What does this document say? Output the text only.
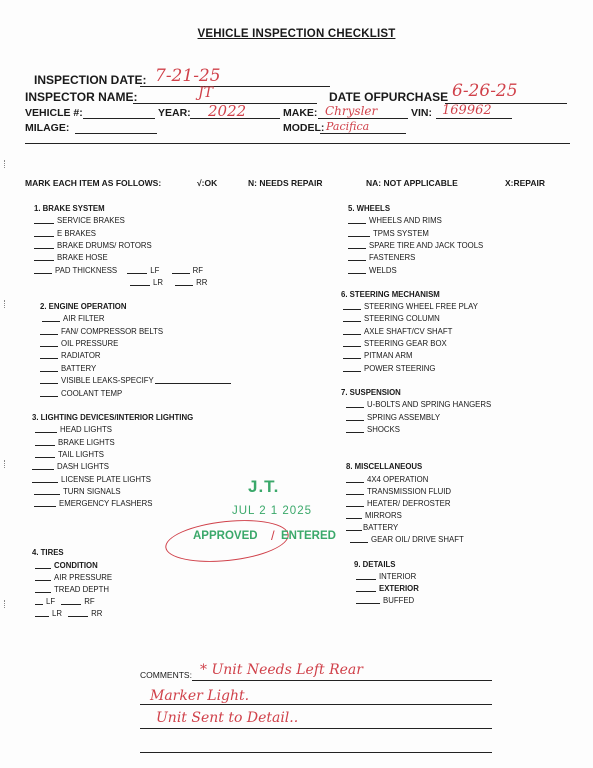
VEHICLE INSPECTION CHECKLIST
INSPECTION DATE: 7-21-25
INSPECTOR NAME:	JT	DATE OFPURCHASE 6-26-25
VEHICLE #:	YEAR: 2022	MAKE: Chrysler	VIN: 169962
MILAGE:	MODEL: Pacifica
MARK EACH ITEM AS FOLLOWS:	√:OK	N: NEEDS REPAIR	NA: NOT APPLICABLE	X:REPAIR
1. BRAKE SYSTEM
SERVICE BRAKES
E BRAKES
BRAKE DRUMS/ ROTORS
BRAKE HOSE
PAD THICKNESS	LF	RF
LR	RR
2. ENGINE OPERATION
AIR FILTER
FAN/ COMPRESSOR BELTS
OIL PRESSURE
RADIATOR
BATTERY
VISIBLE LEAKS-SPECIFY
COOLANT TEMP
3. LIGHTING DEVICES/INTERIOR LIGHTING
HEAD LIGHTS
BRAKE LIGHTS
TAIL LIGHTS
DASH LIGHTS
LICENSE PLATE LIGHTS
TURN SIGNALS
EMERGENCY FLASHERS
4. TIRES
CONDITION
AIR PRESSURE
TREAD DEPTH
LF	RF
LR	RR
5. WHEELS
WHEELS AND RIMS
TPMS SYSTEM
SPARE TIRE AND JACK TOOLS
FASTENERS
WELDS
6. STEERING MECHANISM
STEERING WHEEL FREE PLAY
STEERING COLUMN
AXLE SHAFT/CV SHAFT
STEERING GEAR BOX
PITMAN ARM
POWER STEERING
7. SUSPENSION
U-BOLTS AND SPRING HANGERS
SPRING ASSEMBLY
SHOCKS
8. MISCELLANEOUS
4X4 OPERATION
TRANSMISSION FLUID
HEATER/ DEFROSTER
MIRRORS
BATTERY
GEAR OIL/ DRIVE SHAFT
9. DETAILS
INTERIOR
EXTERIOR
BUFFED
J.T.
JUL 2 1 2025
APPROVED / ENTERED
COMMENTS: * Unit Needs Left Rear
Marker Light.
Unit Sent to Detail..
